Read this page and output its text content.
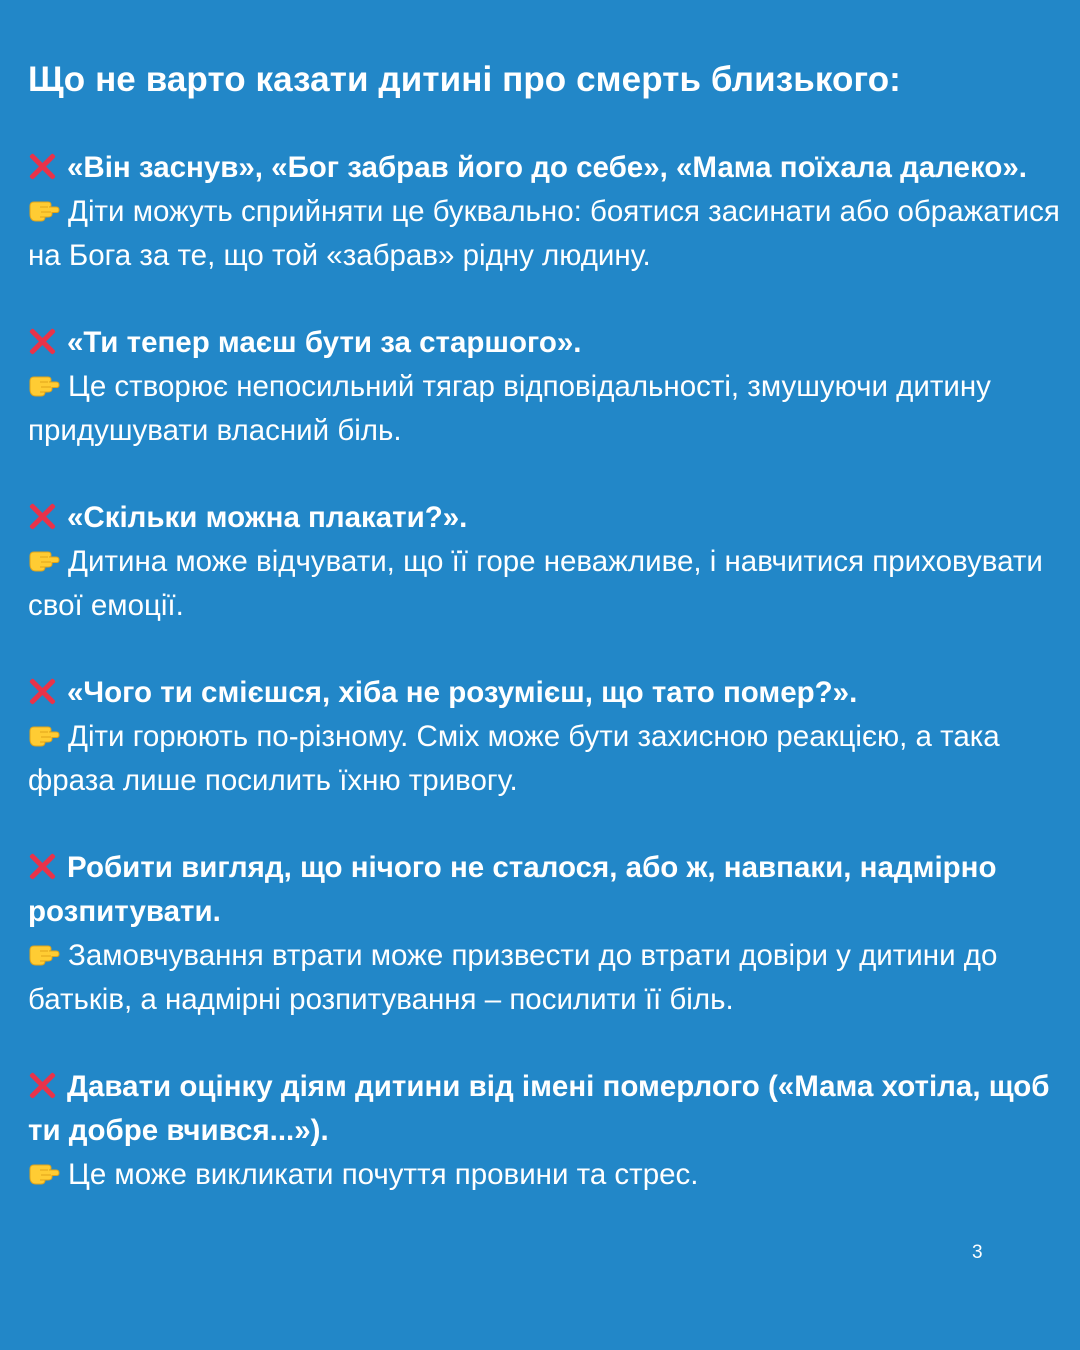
Що не варто казати дитині про смерть близького:
«Він заснув», «Бог забрав його до себе», «Мама поїхала далеко».
Діти можуть сприйняти це буквально: боятися засинати або ображатися на Бога за те, що той «забрав» рідну людину.
«Ти тепер маєш бути за старшого».
Це створює непосильний тягар відповідальності, змушуючи дитину придушувати власний біль.
«Скільки можна плакати?».
Дитина може відчувати, що її горе неважливе, і навчитися приховувати свої емоції.
«Чого ти смієшся, хіба не розумієш, що тато помер?».
Діти горюють по-різному. Сміх може бути захисною реакцією, а така фраза лише посилить їхню тривогу.
Робити вигляд, що нічого не сталося, або ж, навпаки, надмірно розпитувати.
Замовчування втрати може призвести до втрати довіри у дитини до батьків, а надмірні розпитування – посилити її біль.
Давати оцінку діям дитини від імені померлого («Мама хотіла, щоб ти добре вчився...»).
Це може викликати почуття провини та стрес.
3
